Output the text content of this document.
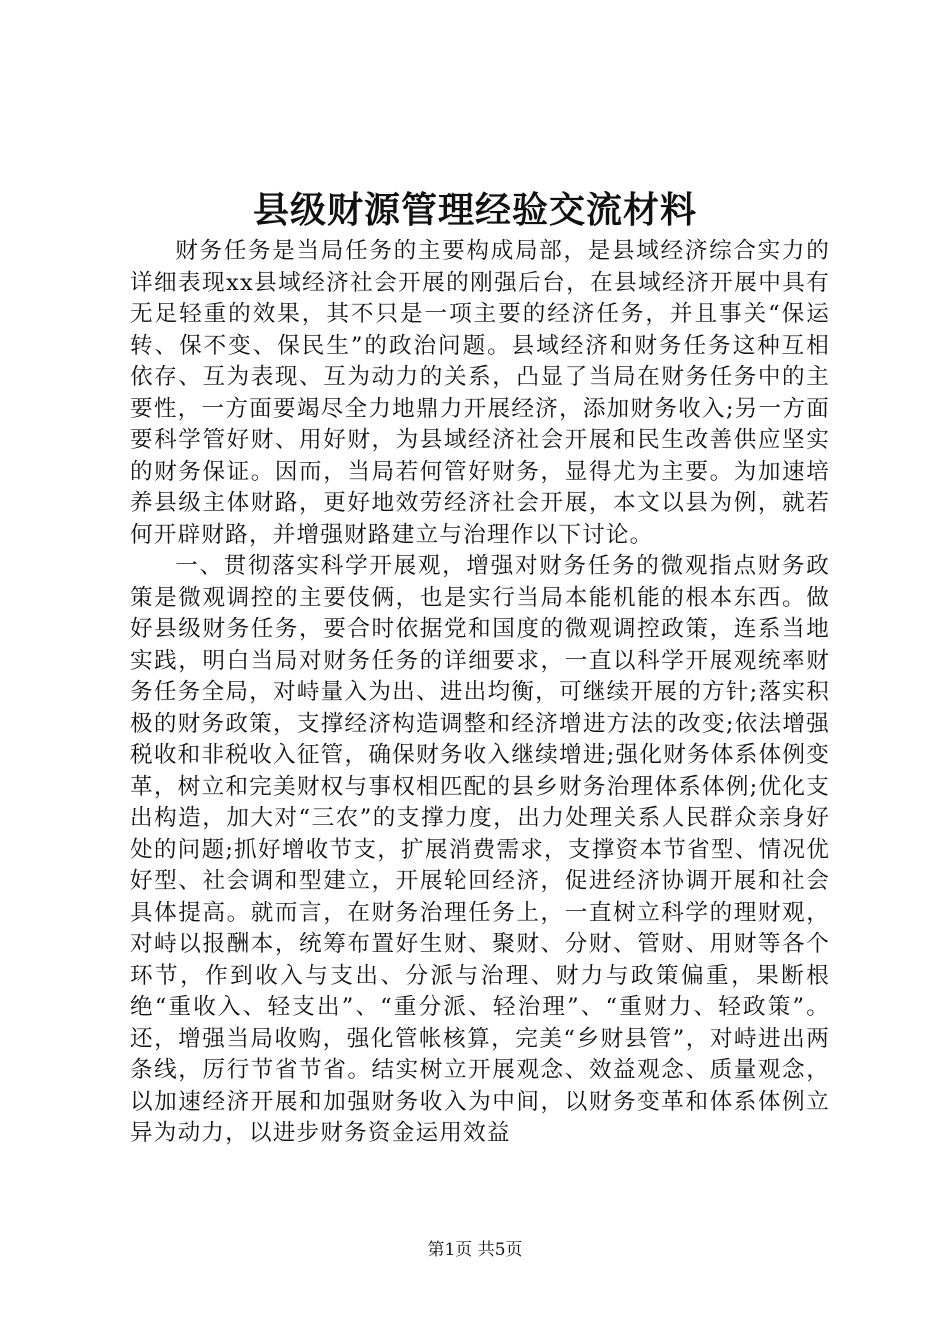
县级财源管理经验交流材料

财务任务是当局任务的主要构成局部，是县域经济综合实力的详细表现xx县域经济社会开展的刚强后台，在县域经济开展中具有无足轻重的效果，其不只是一项主要的经济任务，并且事关“保运转、保不变、保民生”的政治问题。县域经济和财务任务这种互相依存、互为表现、互为动力的关系，凸显了当局在财务任务中的主要性，一方面要竭尽全力地鼎力开展经济，添加财务收入;另一方面要科学管好财、用好财，为县域经济社会开展和民生改善供应坚实的财务保证。因而，当局若何管好财务，显得尤为主要。为加速培养县级主体财路，更好地效劳经济社会开展，本文以县为例，就若何开辟财路，并增强财路建立与治理作以下讨论。

一、贯彻落实科学开展观，增强对财务任务的微观指点财务政策是微观调控的主要伎俩，也是实行当局本能机能的根本东西。做好县级财务任务，要合时依据党和国度的微观调控政策，连系当地实践，明白当局对财务任务的详细要求，一直以科学开展观统率财务任务全局，对峙量入为出、进出均衡，可继续开展的方针;落实积极的财务政策，支撑经济构造调整和经济增进方法的改变;依法增强税收和非税收入征管，确保财务收入继续增进;强化财务体系体例变革，树立和完美财权与事权相匹配的县乡财务治理体系体例;优化支出构造，加大对“三农”的支撑力度，出力处理关系人民群众亲身好处的问题;抓好增收节支，扩展消费需求，支撑资本节省型、情况优好型、社会调和型建立，开展轮回经济，促进经济协调开展和社会具体提高。就而言，在财务治理任务上，一直树立科学的理财观，对峙以报酬本，统筹布置好生财、聚财、分财、管财、用财等各个环节，作到收入与支出、分派与治理、财力与政策偏重，果断根绝“重收入、轻支出”、“重分派、轻治理”、“重财力、轻政策”。还，增强当局收购，强化管帐核算，完美“乡财县管”，对峙进出两条线，厉行节省节省。结实树立开展观念、效益观念、质量观念，以加速经济开展和加强财务收入为中间，以财务变革和体系体例立异为动力，以进步财务资金运用效益

第1页 共5页
